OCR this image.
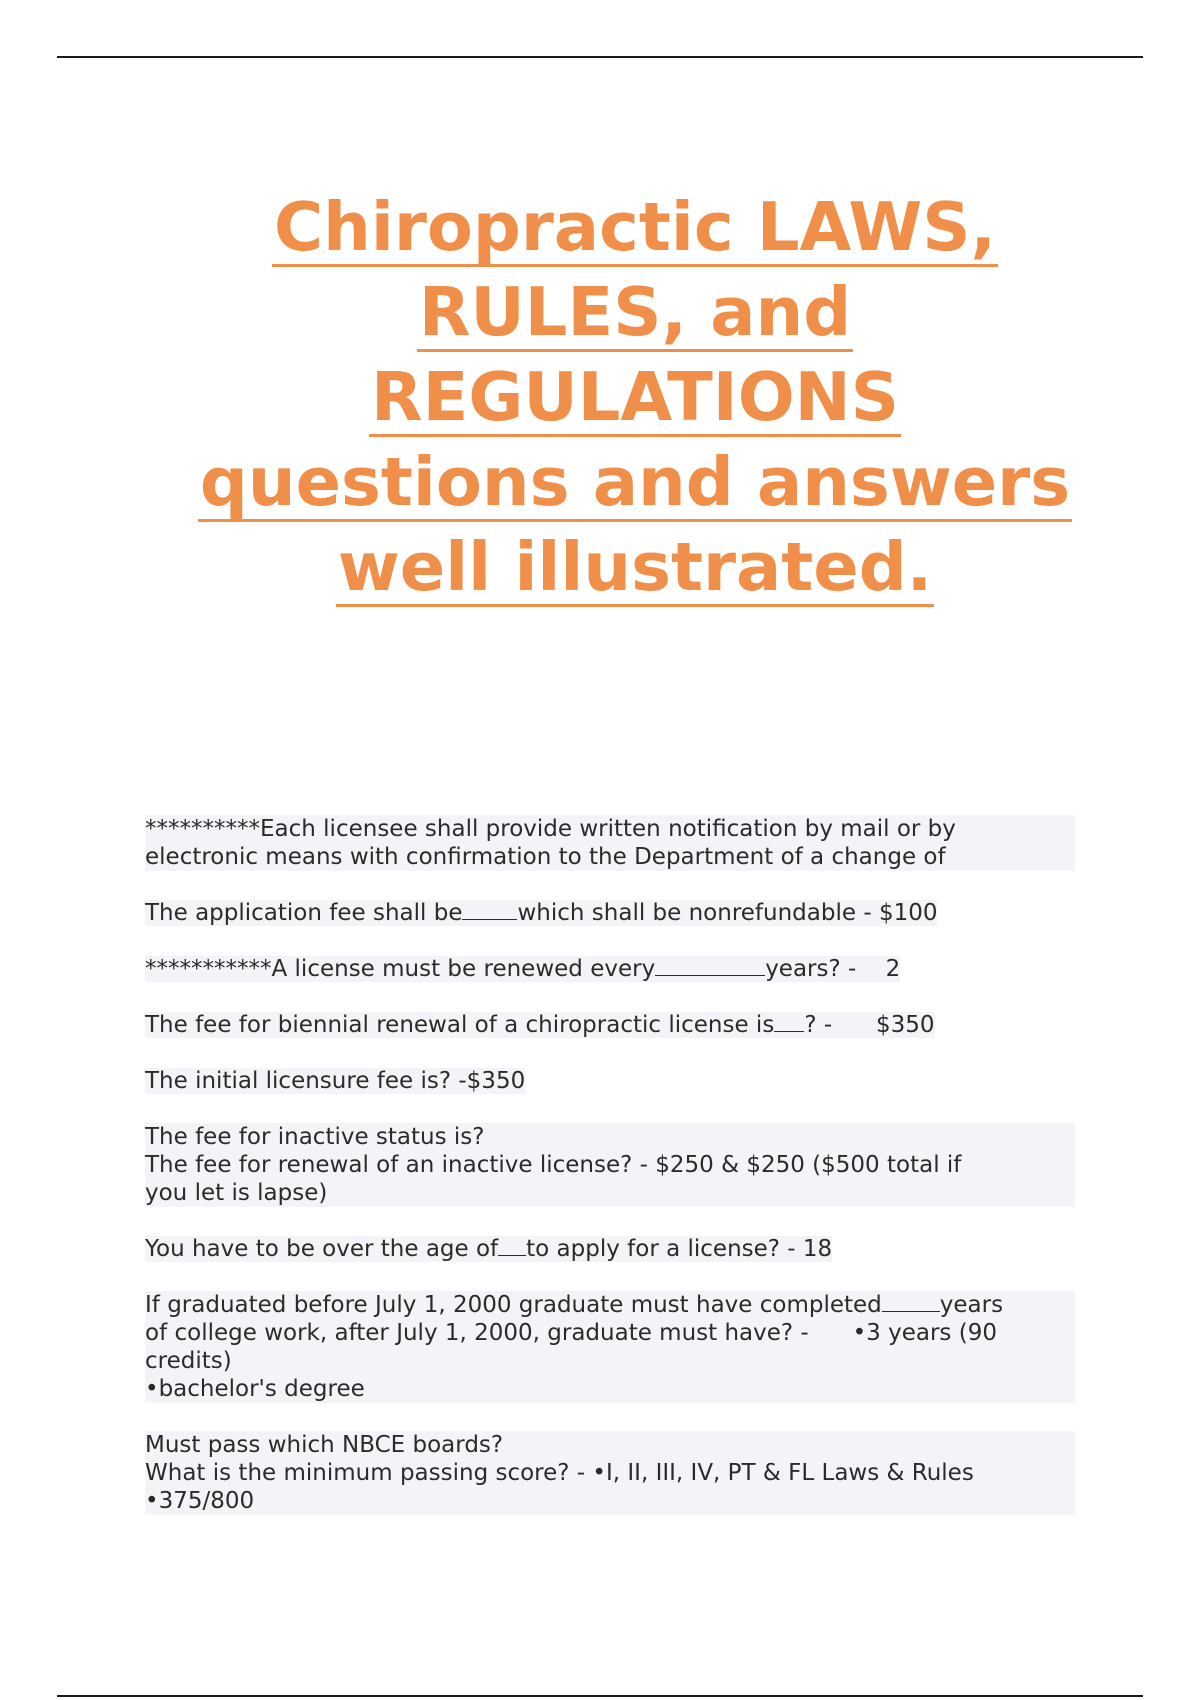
Chiropractic LAWS,
RULES, and
REGULATIONS
questions and answers
well illustrated.
**********Each licensee shall provide written notification by mail or by
electronic means with confirmation to the Department of a change of
The application fee shall be which shall be nonrefundable - $100
***********A license must be renewed every	years? -    2
The fee for biennial renewal of a chiropractic license is ? -      $350
The initial licensure fee is? -$350
The fee for inactive status is?
The fee for renewal of an inactive license? - $250 & $250 ($500 total if
you let is lapse)
You have to be over the age of to apply for a license? - 18
If graduated before July 1, 2000 graduate must have completed	years
of college work, after July 1, 2000, graduate must have? -      •3 years (90
credits)
•bachelor's degree
Must pass which NBCE boards?
What is the minimum passing score? - •I, II, III, IV, PT & FL Laws & Rules
•375/800
